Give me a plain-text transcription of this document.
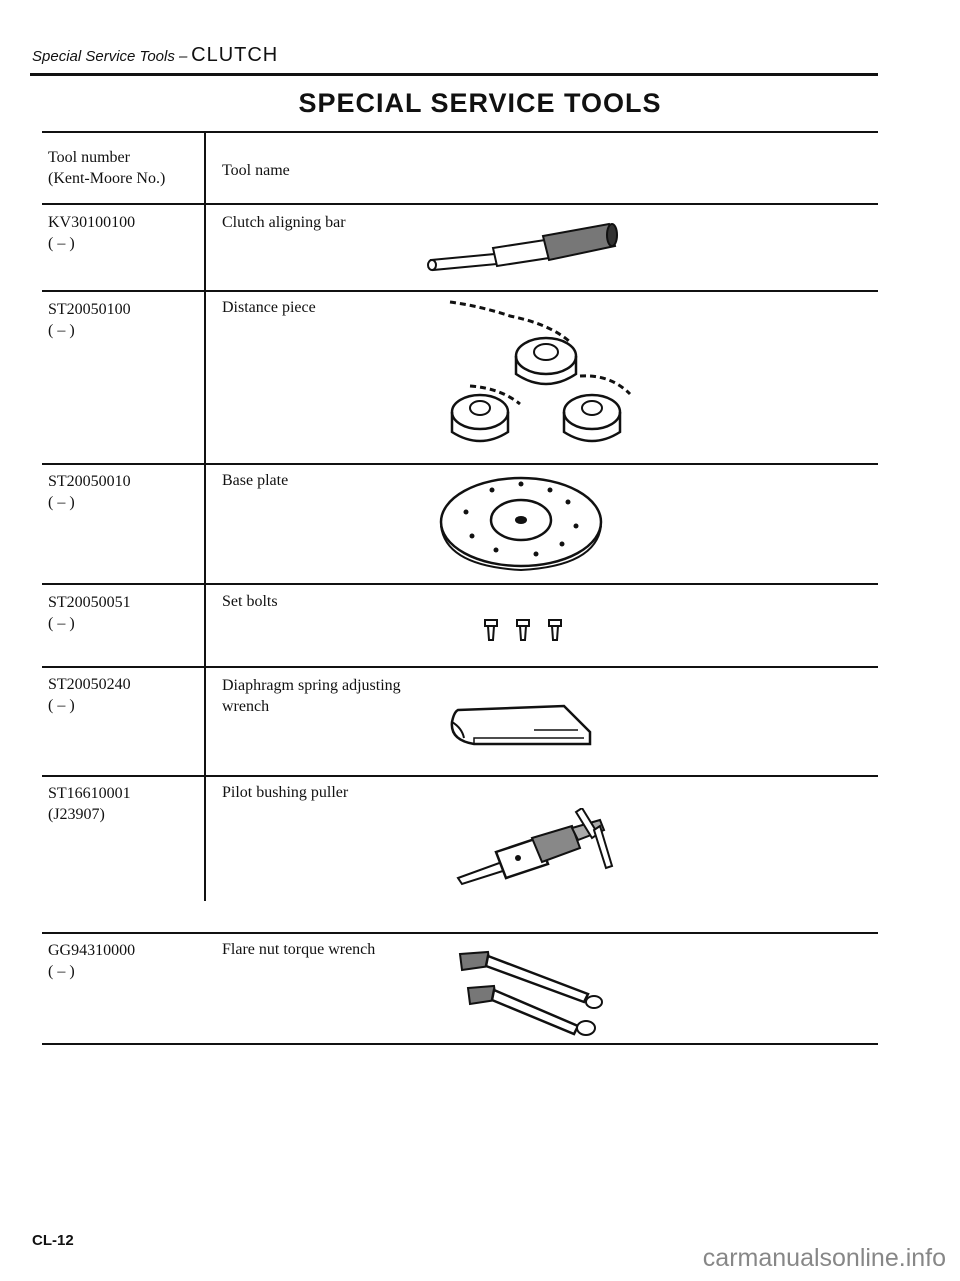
Special Service Tools – CLUTCH
SPECIAL SERVICE TOOLS
Tool number
(Kent-Moore No.)	Tool name
KV30100100
( – )
Clutch aligning bar
ST20050100
( – )
Distance piece
ST20050010
( – )
Base plate
ST20050051
( – )
Set bolts
ST20050240
( – )
Diaphragm spring adjusting
wrench
ST16610001
(J23907)
Pilot bushing puller
GG94310000
( – )
Flare nut torque wrench
CL-12
carmanualsonline.info
